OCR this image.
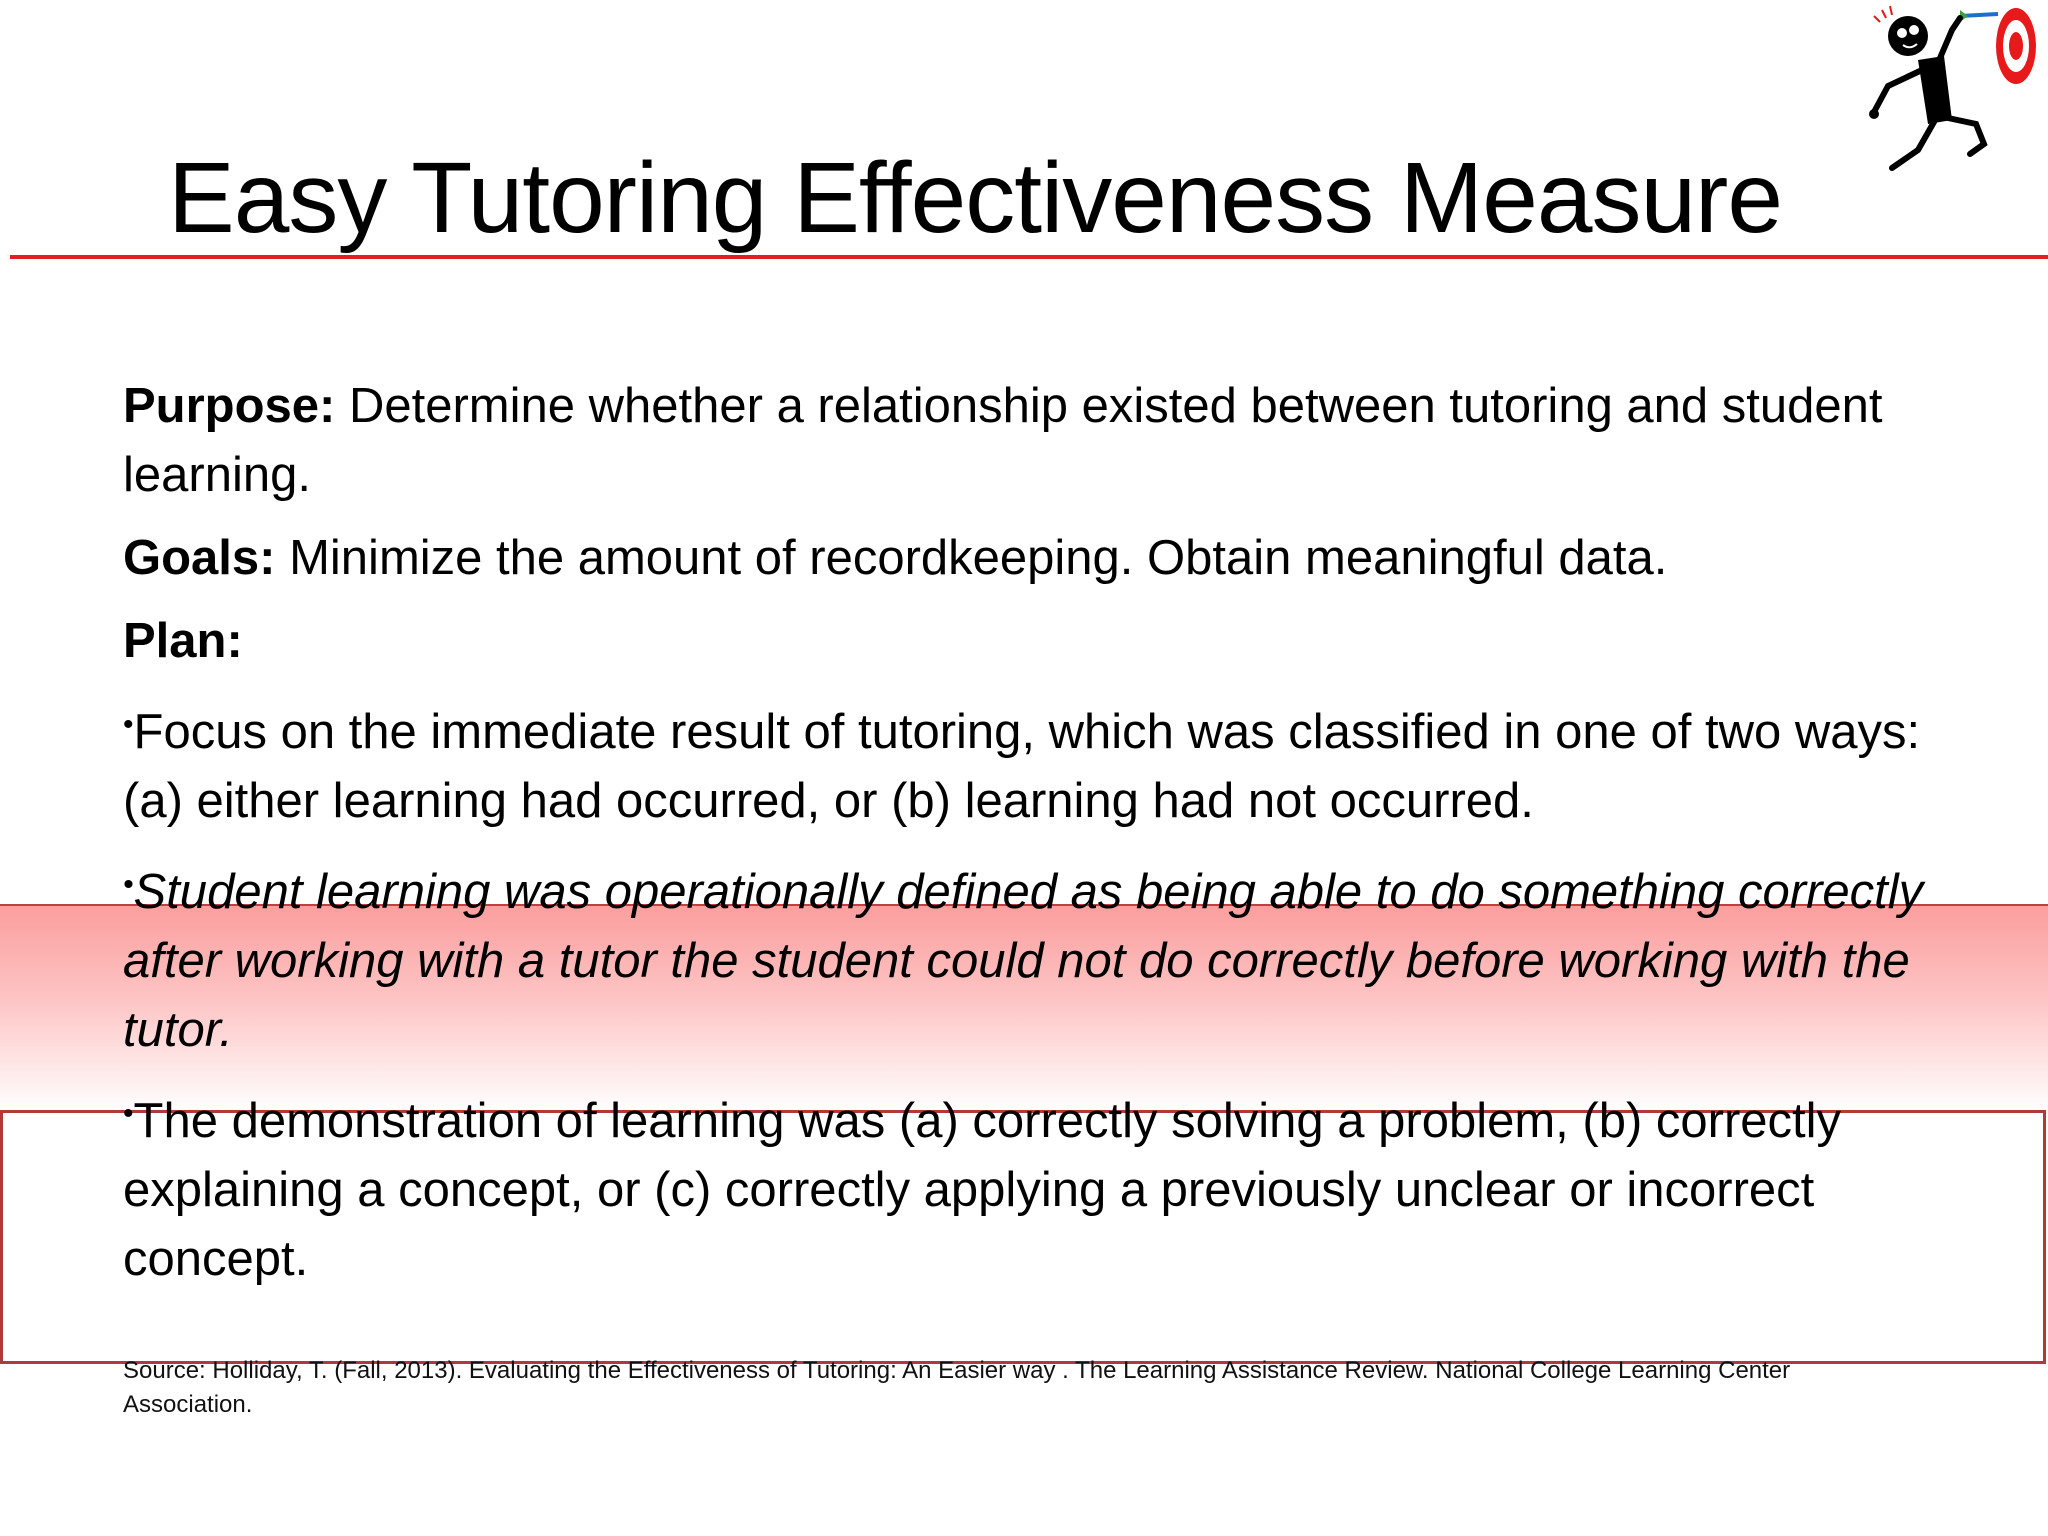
Easy Tutoring Effectiveness Measure

Purpose: Determine whether a relationship existed between tutoring and student learning.

Goals: Minimize the amount of recordkeeping. Obtain meaningful data.

Plan:

•Focus on the immediate result of tutoring, which was classified in one of two ways: (a) either learning had occurred, or (b) learning had not occurred.

•Student learning was operationally defined as being able to do something correctly after working with a tutor the student could not do correctly before working with the tutor.

•The demonstration of learning was (a) correctly solving a problem, (b) correctly explaining a concept, or (c) correctly applying a previously unclear or incorrect concept.

Source: Holliday, T. (Fall, 2013). Evaluating the Effectiveness of Tutoring: An Easier way . The Learning Assistance Review. National College Learning Center Association.
